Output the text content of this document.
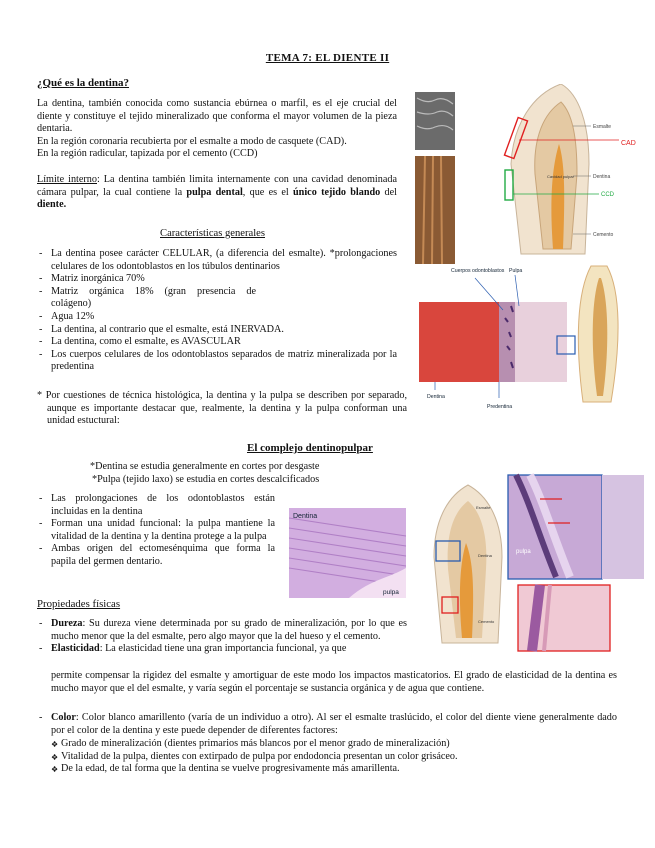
TEMA 7: EL DIENTE II
¿Qué es la dentina?
La dentina, también conocida como sustancia ebúrnea o marfil, es el eje crucial del diente y constituye el tejido mineralizado que conforma el mayor volumen de la pieza dentaria.
En la región coronaria recubierta por el esmalte a modo de casquete (CAD).
En la región radicular, tapizada por el cemento (CCD)
Límite interno: La dentina también limita internamente con una cavidad denominada cámara pulpar, la cual contiene la pulpa dental, que es el único tejido blando del diente.
Características generales
- La dentina posee carácter CELULAR, (a diferencia del esmalte). *prolongaciones celulares de los odontoblastos en los túbulos dentinarios
- Matriz inorgánica 70%
- Matriz orgánica 18% (gran presencia de colágeno)
- Agua 12%
- La dentina, al contrario que el esmalte, está INERVADA.
- La dentina, como el esmalte, es AVASCULAR
- Los cuerpos celulares de los odontoblastos separados de matriz mineralizada por la predentina
* Por cuestiones de técnica histológica, la dentina y la pulpa se describen por separado, aunque es importante destacar que, realmente, la dentina y la pulpa conforman una unidad estuctural:
El complejo dentinopulpar
*Dentina se estudia generalmente en cortes por desgaste
*Pulpa (tejido laxo) se estudia en cortes descalcificados
- Las prolongaciones de los odontoblastos están incluidas en la dentina
- Forman una unidad funcional: la pulpa mantiene la vitalidad de la dentina y la dentina protege a la pulpa
- Ambas origen del ectomesénquima que forma la papila del germen dentario.
Propiedades físicas
- Dureza: Su dureza viene determinada por su grado de mineralización, por lo que es mucho menor que la del esmalte, pero algo mayor que la del hueso y el cemento.
- Elasticidad: La elasticidad tiene una gran importancia funcional, ya que
permite compensar la rigidez del esmalte y amortiguar de este modo los impactos masticatorios. El grado de elasticidad de la dentina es mucho mayor que el del esmalte, y varía según el porcentaje se sustancia orgánica y de agua que contiene.
- Color: Color blanco amarillento (varía de un individuo a otro). Al ser el esmalte traslúcido, el color del diente viene generalmente dado por el color de la dentina y este puede depender de diferentes factores:
❖ Grado de mineralización (dientes primarios más blancos por el menor grado de mineralización)
❖ Vitalidad de la pulpa, dientes con extirpado de pulpa por endodoncia presentan un color grisáceo.
❖ De la edad, de tal forma que la dentina se vuelve progresivamente más amarillenta.
Esmalte
CAD
Dentina
CCD
Cavidad pulpar
Cemento
Cuerpos odontoblastos Pulpa
Dentina
Predentina
Dentina
pulpa
Esmalte
Dentina
Cemento
pulpa
